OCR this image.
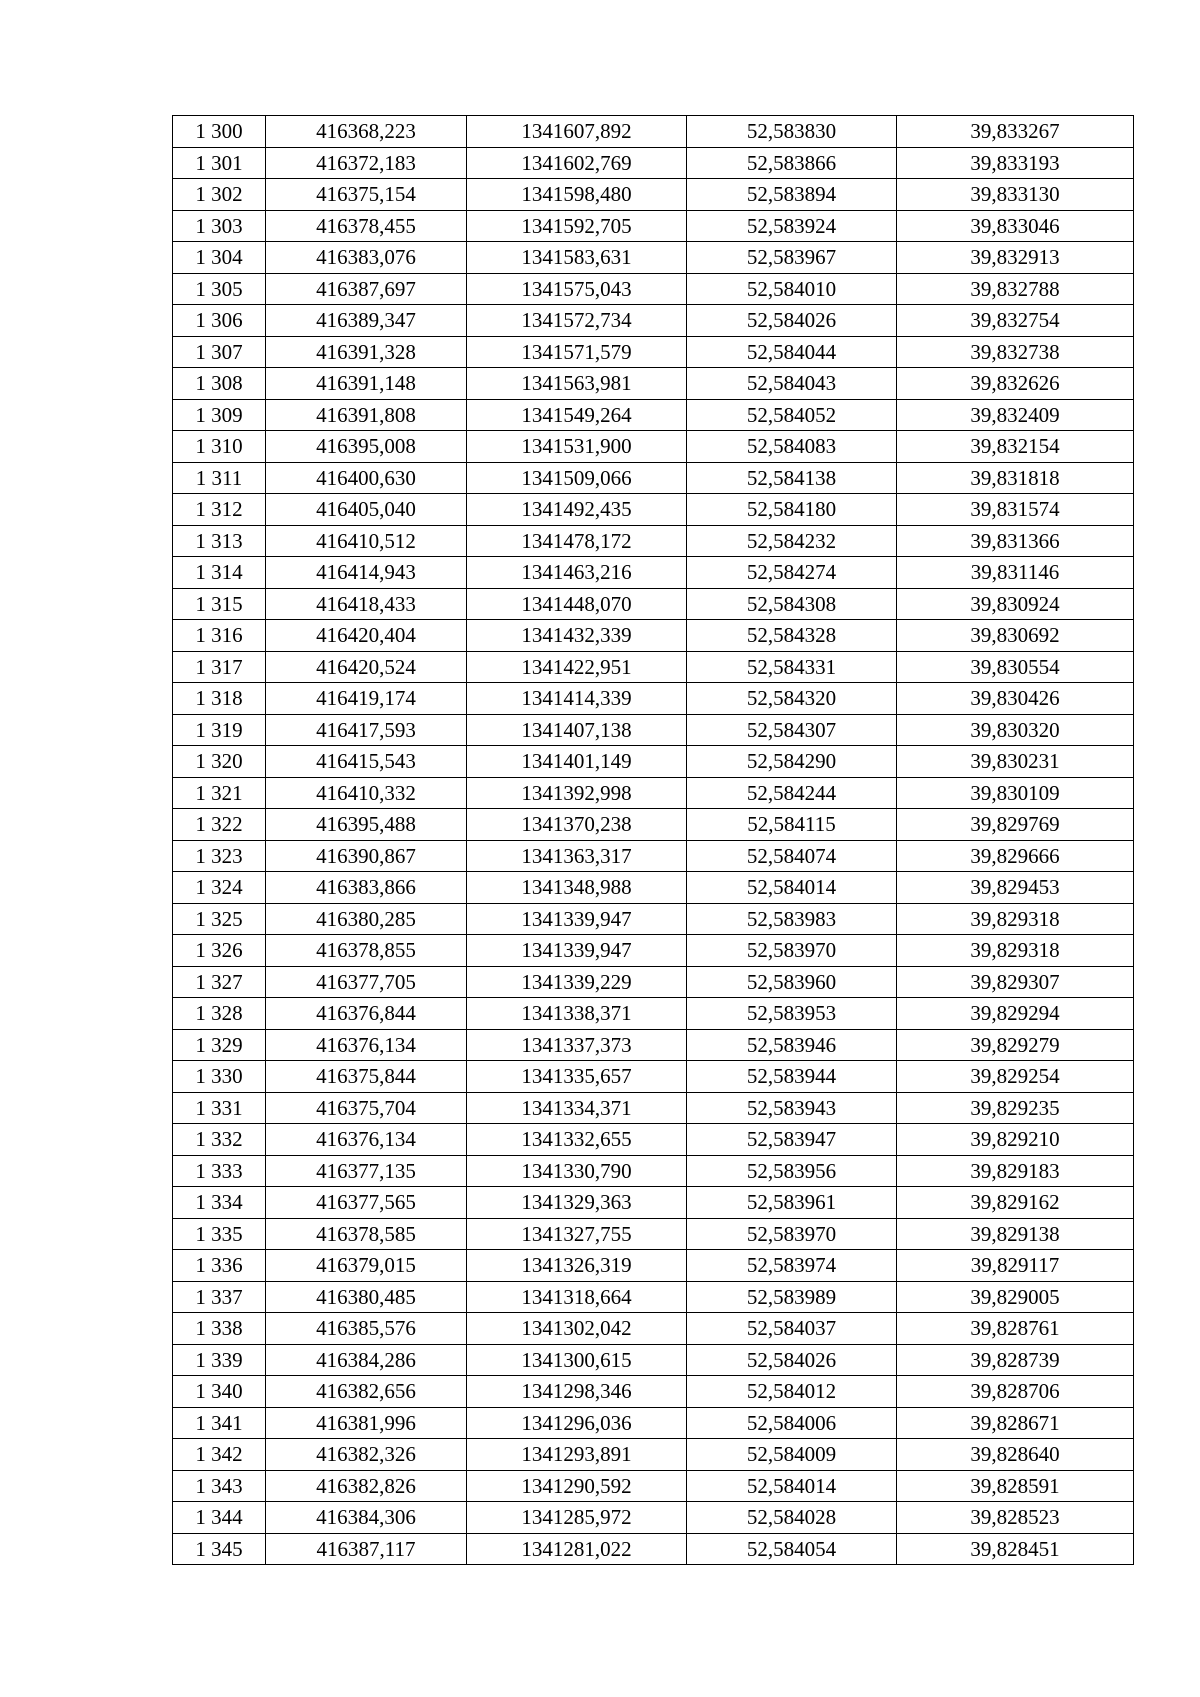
1 300	416368,223	1341607,892	52,583830	39,833267
1 301	416372,183	1341602,769	52,583866	39,833193
1 302	416375,154	1341598,480	52,583894	39,833130
1 303	416378,455	1341592,705	52,583924	39,833046
1 304	416383,076	1341583,631	52,583967	39,832913
1 305	416387,697	1341575,043	52,584010	39,832788
1 306	416389,347	1341572,734	52,584026	39,832754
1 307	416391,328	1341571,579	52,584044	39,832738
1 308	416391,148	1341563,981	52,584043	39,832626
1 309	416391,808	1341549,264	52,584052	39,832409
1 310	416395,008	1341531,900	52,584083	39,832154
1 311	416400,630	1341509,066	52,584138	39,831818
1 312	416405,040	1341492,435	52,584180	39,831574
1 313	416410,512	1341478,172	52,584232	39,831366
1 314	416414,943	1341463,216	52,584274	39,831146
1 315	416418,433	1341448,070	52,584308	39,830924
1 316	416420,404	1341432,339	52,584328	39,830692
1 317	416420,524	1341422,951	52,584331	39,830554
1 318	416419,174	1341414,339	52,584320	39,830426
1 319	416417,593	1341407,138	52,584307	39,830320
1 320	416415,543	1341401,149	52,584290	39,830231
1 321	416410,332	1341392,998	52,584244	39,830109
1 322	416395,488	1341370,238	52,584115	39,829769
1 323	416390,867	1341363,317	52,584074	39,829666
1 324	416383,866	1341348,988	52,584014	39,829453
1 325	416380,285	1341339,947	52,583983	39,829318
1 326	416378,855	1341339,947	52,583970	39,829318
1 327	416377,705	1341339,229	52,583960	39,829307
1 328	416376,844	1341338,371	52,583953	39,829294
1 329	416376,134	1341337,373	52,583946	39,829279
1 330	416375,844	1341335,657	52,583944	39,829254
1 331	416375,704	1341334,371	52,583943	39,829235
1 332	416376,134	1341332,655	52,583947	39,829210
1 333	416377,135	1341330,790	52,583956	39,829183
1 334	416377,565	1341329,363	52,583961	39,829162
1 335	416378,585	1341327,755	52,583970	39,829138
1 336	416379,015	1341326,319	52,583974	39,829117
1 337	416380,485	1341318,664	52,583989	39,829005
1 338	416385,576	1341302,042	52,584037	39,828761
1 339	416384,286	1341300,615	52,584026	39,828739
1 340	416382,656	1341298,346	52,584012	39,828706
1 341	416381,996	1341296,036	52,584006	39,828671
1 342	416382,326	1341293,891	52,584009	39,828640
1 343	416382,826	1341290,592	52,584014	39,828591
1 344	416384,306	1341285,972	52,584028	39,828523
1 345	416387,117	1341281,022	52,584054	39,828451
